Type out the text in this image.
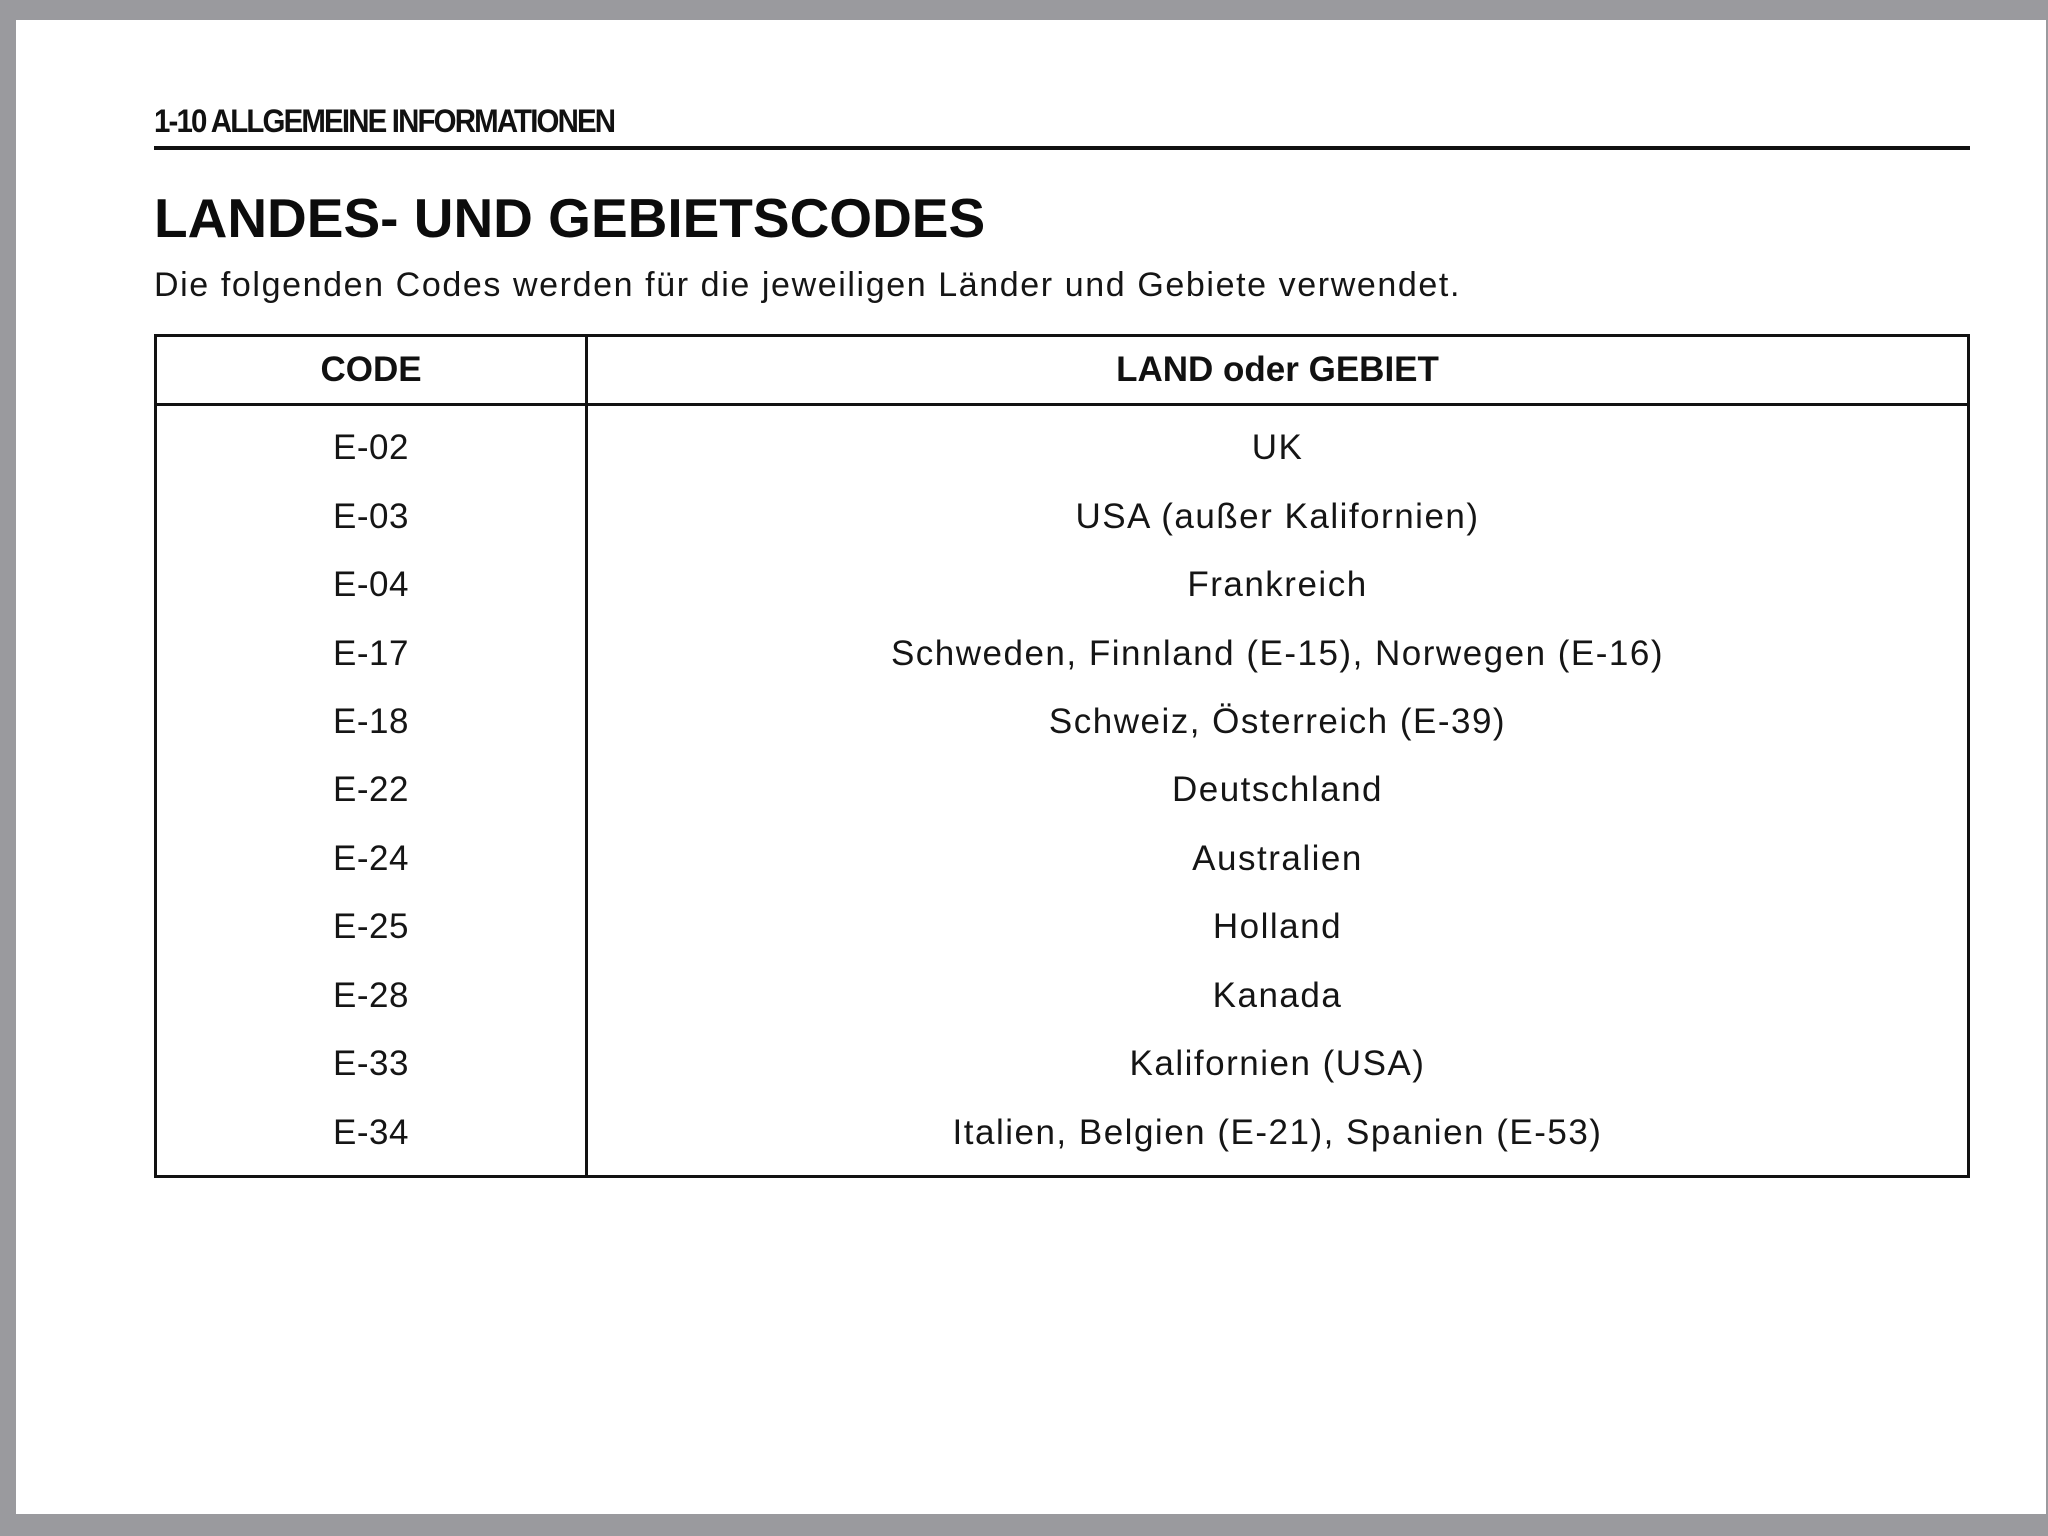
1-10 ALLGEMEINE INFORMATIONEN
LANDES- UND GEBIETSCODES

Die folgenden Codes werden für die jeweiligen Länder und Gebiete verwendet.

CODE	LAND oder GEBIET
E-02	UK
E-03	USA (außer Kalifornien)
E-04	Frankreich
E-17	Schweden, Finnland (E-15), Norwegen (E-16)
E-18	Schweiz, Österreich (E-39)
E-22	Deutschland
E-24	Australien
E-25	Holland
E-28	Kanada
E-33	Kalifornien (USA)
E-34	Italien, Belgien (E-21), Spanien (E-53)
